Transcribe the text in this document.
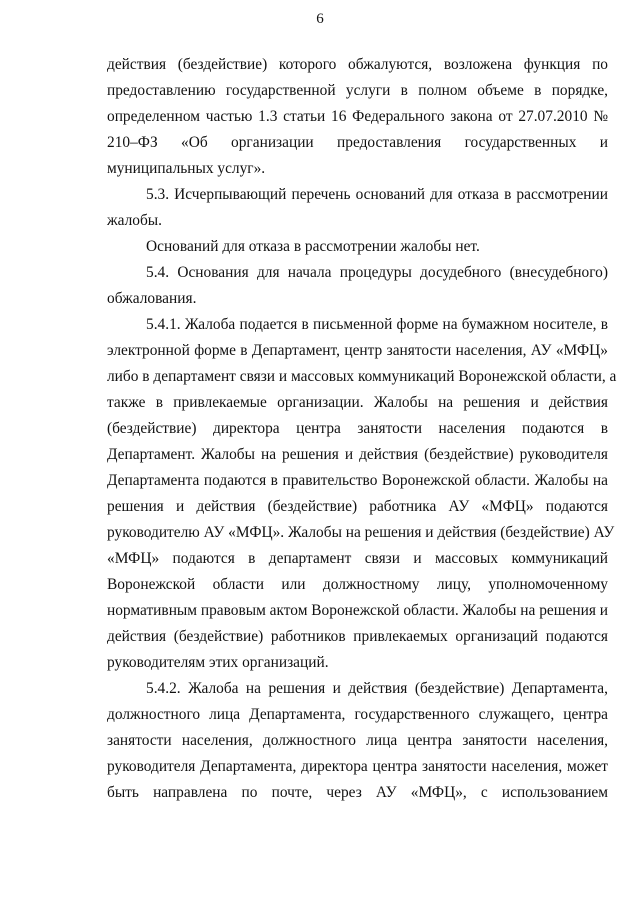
6
действия (бездействие) которого обжалуются, возложена функция по
предоставлению государственной услуги в полном объеме в порядке,
определенном частью 1.3 статьи 16 Федерального закона от 27.07.2010 №
210–ФЗ «Об организации предоставления государственных и
муниципальных услуг».
5.3. Исчерпывающий перечень оснований для отказа в рассмотрении
жалобы.
Оснований для отказа в рассмотрении жалобы нет.
5.4. Основания для начала процедуры досудебного (внесудебного)
обжалования.
5.4.1. Жалоба подается в письменной форме на бумажном носителе, в
электронной форме в Департамент, центр занятости населения, АУ «МФЦ»
либо в департамент связи и массовых коммуникаций Воронежской области, а
также в привлекаемые организации. Жалобы на решения и действия
(бездействие) директора центра занятости населения подаются в
Департамент. Жалобы на решения и действия (бездействие) руководителя
Департамента подаются в правительство Воронежской области. Жалобы на
решения и действия (бездействие) работника АУ «МФЦ» подаются
руководителю АУ «МФЦ». Жалобы на решения и действия (бездействие) АУ
«МФЦ» подаются в департамент связи и массовых коммуникаций
Воронежской области или должностному лицу, уполномоченному
нормативным правовым актом Воронежской области. Жалобы на решения и
действия (бездействие) работников привлекаемых организаций подаются
руководителям этих организаций.
5.4.2. Жалоба на решения и действия (бездействие) Департамента,
должностного лица Департамента, государственного служащего, центра
занятости населения, должностного лица центра занятости населения,
руководителя Департамента, директора центра занятости населения, может
быть направлена по почте, через АУ «МФЦ», с использованием
